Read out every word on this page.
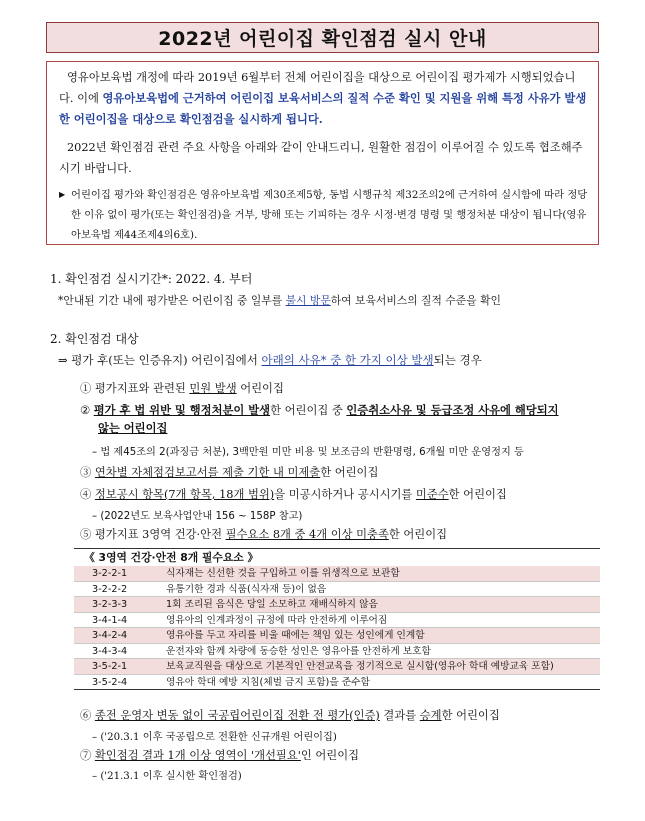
2022년 어린이집 확인점검 실시 안내

영유아보육법 개정에 따라 2019년 6월부터 전체 어린이집을 대상으로 어린이집 평가제가 시행되었습니다. 이에 영유아보육법에 근거하여 어린이집 보육서비스의 질적 수준 확인 및 지원을 위해 특정 사유가 발생한 어린이집을 대상으로 확인점검을 실시하게 됩니다.

2022년 확인점검 관련 주요 사항을 아래와 같이 안내드리니, 원활한 점검이 이루어질 수 있도록 협조해주시기 바랍니다.

▶ 어린이집 평가와 확인점검은 영유아보육법 제30조제5항, 동법 시행규칙 제32조의2에 근거하여 실시함에 따라 정당한 이유 없이 평가(또는 확인점검)을 거부, 방해 또는 기피하는 경우 시정·변경 명령 및 행정처분 대상이 됩니다(영유아보육법 제44조제4의6호).
1. 확인점검 실시기간*: 2022. 4. 부터
*안내된 기간 내에 평가받은 어린이집 중 일부를 불시 방문하여 보육서비스의 질적 수준을 확인
2. 확인점검 대상
⇒ 평가 후(또는 인증유지) 어린이집에서 아래의 사유* 중 한 가지 이상 발생되는 경우
① 평가지표와 관련된 민원 발생 어린이집
② 평가 후 법 위반 및 행정처분이 발생한 어린이집 중 인증취소사유 및 등급조정 사유에 해당되지
않는 어린이집
– 법 제45조의 2(과징금 처분), 3백만원 미만 비용 및 보조금의 반환명령, 6개월 미만 운영정지 등
③ 연차별 자체점검보고서를 제출 기한 내 미제출한 어린이집
④ 정보공시 항목(7개 항목, 18개 범위)을 미공시하거나 공시시기를 미준수한 어린이집
– (2022년도 보육사업안내 156 ~ 158P 참고)
⑤ 평가지표 3영역 건강·안전 필수요소 8개 중 4개 이상 미충족한 어린이집
《 3영역 건강·안전 8개 필수요소 》
3-2-2-1	식자재는 신선한 것을 구입하고 이를 위생적으로 보관함
3-2-2-2	유통기한 경과 식품(식자재 등)이 없음
3-2-3-3	1회 조리된 음식은 당일 소모하고 재배식하지 않음
3-4-1-4	영유아의 인계과정이 규정에 따라 안전하게 이루어짐
3-4-2-4	영유아를 두고 자리를 비울 때에는 책임 있는 성인에게 인계함
3-4-3-4	운전자와 함께 차량에 동승한 성인은 영유아를 안전하게 보호함
3-5-2-1	보육교직원을 대상으로 기본적인 안전교육을 정기적으로 실시함(영유아 학대 예방교육 포함)
3-5-2-4	영유아 학대 예방 지침(체벌 금지 포함)을 준수함
⑥ 종전 운영자 변동 없이 국공립어린이집 전환 전 평가(인증) 결과를 승계한 어린이집
– ('20.3.1 이후 국공립으로 전환한 신규개원 어린이집)
⑦ 확인점검 결과 1개 이상 영역이 '개선필요'인 어린이집
– ('21.3.1 이후 실시한 확인점검)
